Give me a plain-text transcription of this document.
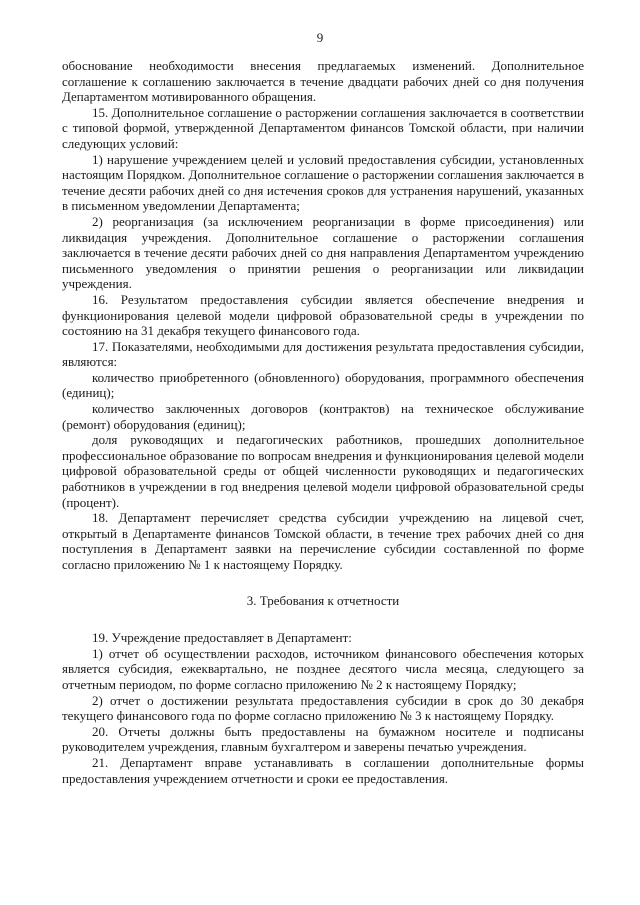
9

обоснование необходимости внесения предлагаемых изменений. Дополнительное соглашение к соглашению заключается в течение двадцати рабочих дней со дня получения Департаментом мотивированного обращения.

15. Дополнительное соглашение о расторжении соглашения заключается в соответствии с типовой формой, утвержденной Департаментом финансов Томской области, при наличии следующих условий:

1) нарушение учреждением целей и условий предоставления субсидии, установленных настоящим Порядком. Дополнительное соглашение о расторжении соглашения заключается в течение десяти рабочих дней со дня истечения сроков для устранения нарушений, указанных в письменном уведомлении Департамента;

2) реорганизация (за исключением реорганизации в форме присоединения) или ликвидация учреждения. Дополнительное соглашение о расторжении соглашения заключается в течение десяти рабочих дней со дня направления Департаментом учреждению письменного уведомления о принятии решения о реорганизации или ликвидации учреждения.

16. Результатом предоставления субсидии является обеспечение внедрения и функционирования целевой модели цифровой образовательной среды в учреждении по состоянию на 31 декабря текущего финансового года.

17. Показателями, необходимыми для достижения результата предоставления субсидии, являются:

количество приобретенного (обновленного) оборудования, программного обеспечения (единиц);

количество заключенных договоров (контрактов) на техническое обслуживание (ремонт) оборудования (единиц);

доля руководящих и педагогических работников, прошедших дополнительное профессиональное образование по вопросам внедрения и функционирования целевой модели цифровой образовательной среды от общей численности руководящих и педагогических работников в учреждении в год внедрения целевой модели цифровой образовательной среды (процент).

18. Департамент перечисляет средства субсидии учреждению на лицевой счет, открытый в Департаменте финансов Томской области, в течение трех рабочих дней со дня поступления в Департамент заявки на перечисление субсидии составленной по форме согласно приложению № 1 к настоящему Порядку.

3. Требования к отчетности

19. Учреждение предоставляет в Департамент:

1) отчет об осуществлении расходов, источником финансового обеспечения которых является субсидия, ежеквартально, не позднее десятого числа месяца, следующего за отчетным периодом, по форме согласно приложению № 2 к настоящему Порядку;

2) отчет о достижении результата предоставления субсидии в срок до 30 декабря текущего финансового года по форме согласно приложению № 3 к настоящему Порядку.

20. Отчеты должны быть предоставлены на бумажном носителе и подписаны руководителем учреждения, главным бухгалтером и заверены печатью учреждения.

21. Департамент вправе устанавливать в соглашении дополнительные формы предоставления учреждением отчетности и сроки ее предоставления.
